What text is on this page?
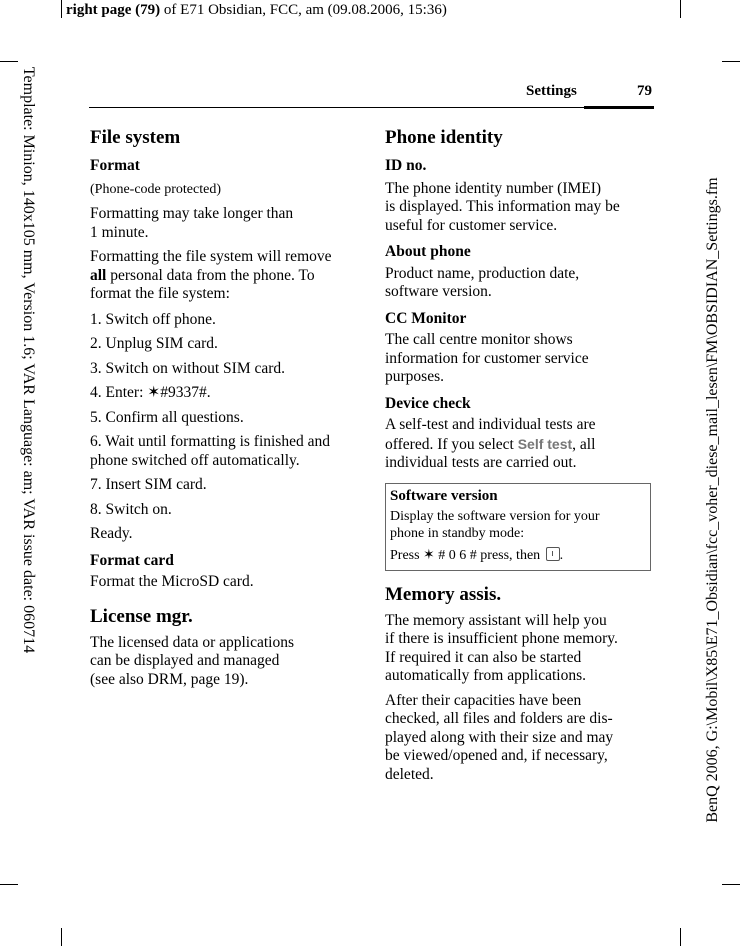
right page (79) of E71 Obsidian, FCC, am (09.08.2006, 15:36)
Template: Minion, 140x105 mm, Version 1.6; VAR Language: am; VAR issue date: 060714	BenQ 2006, G:\Mobil\X85\E71_Obsidian\fcc_voher_diese_mail_lesen\FM\OBSIDIAN_Settings.fm
Settings	79

File system

Format

(Phone-code protected)

Formatting may take longer than

1 minute.

Formatting the file system will remove

all personal data from the phone. To

format the file system:

1. Switch off phone.

2. Unplug SIM card.

3. Switch on without SIM card.

4. Enter: ✶#9337#.

5. Confirm all questions.

6. Wait until formatting is finished and

phone switched off automatically.

7. Insert SIM card.

8. Switch on.

Ready.

Format card

Format the MicroSD card.

License mgr.

The licensed data or applications

can be displayed and managed

(see also DRM, page 19).

Phone identity

ID no.

The phone identity number (IMEI)

is displayed. This information may be

useful for customer service.

About phone

Product name, production date,

software version.

CC Monitor

The call centre monitor shows

information for customer service

purposes.

Device check

A self-test and individual tests are

offered. If you select Self test, all

individual tests are carried out.

Software version

Display the software version for your

phone in standby mode:

Press ✶ # 0 6 # press, then .

Memory assis.

The memory assistant will help you

if there is insufficient phone memory.

If required it can also be started

automatically from applications.

After their capacities have been

checked, all files and folders are dis-

played along with their size and may

be viewed/opened and, if necessary,

deleted.
